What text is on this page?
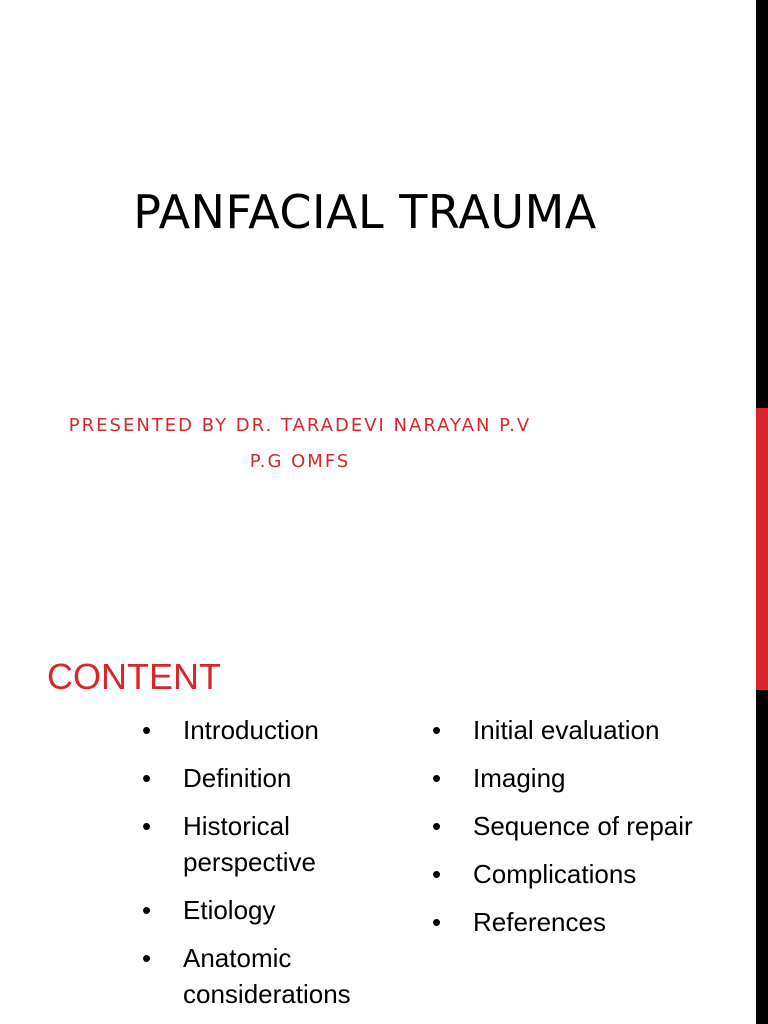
PANFACIAL TRAUMA
PRESENTED BY DR. TARADEVI NARAYAN P.V
P.G OMFS
CONTENT
• Introduction
• Definition
• Historical perspective
• Etiology
• Anatomic considerations
• Initial evaluation
• Imaging
• Sequence of repair
• Complications
• References
